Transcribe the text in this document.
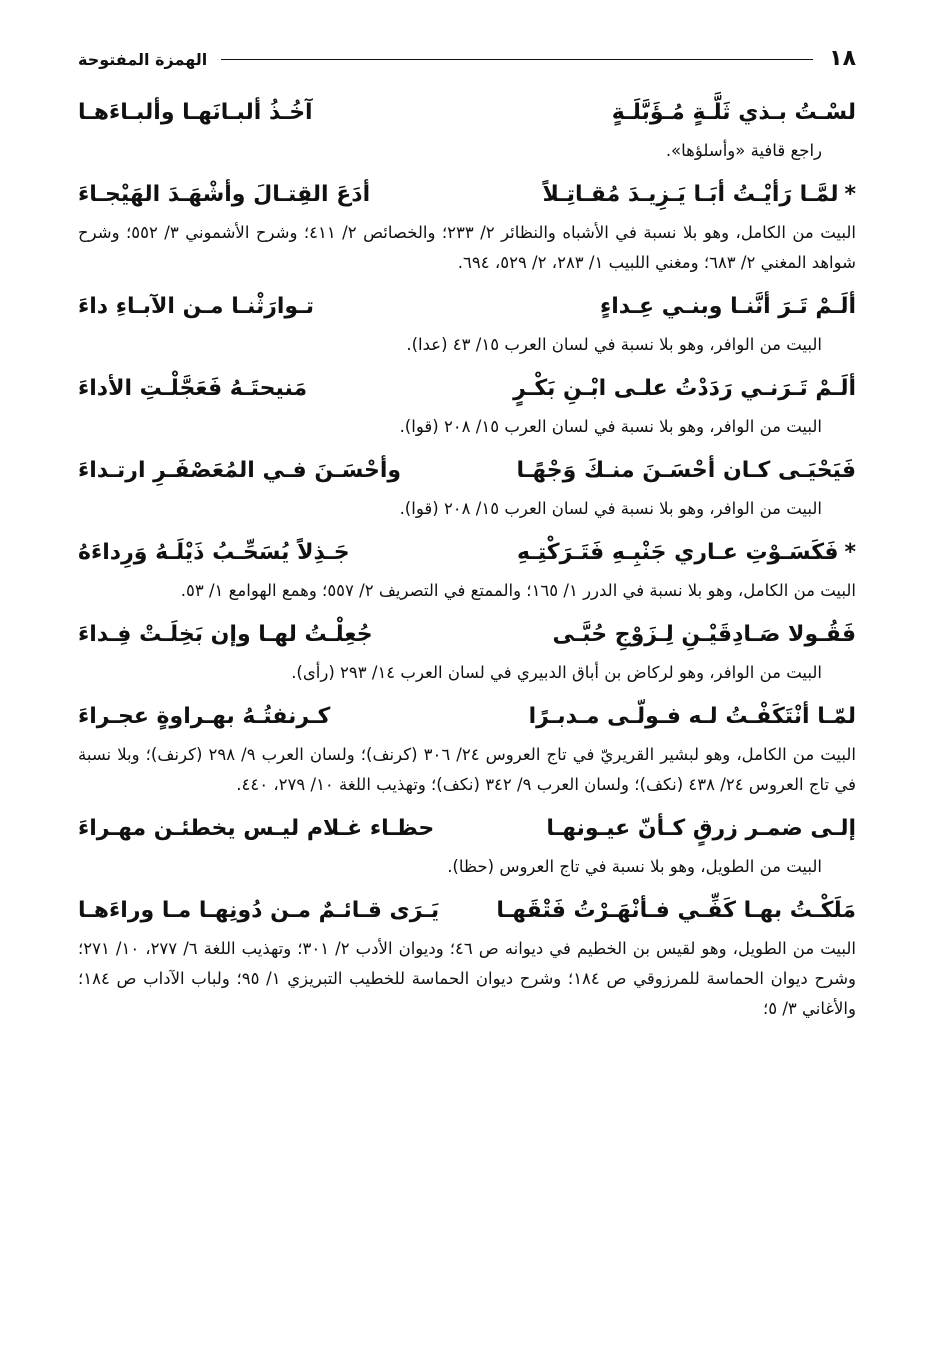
١٨
الهمزة المفتوحة
لسْـتُ بـذي ثَلَّـةٍ مُـؤَبَّلَـةٍ
آخُـذُ ألبـانَهـا وألبـاءَهـا
راجع قافية «وأسلؤها».
*لمَّـا رَأيْـتُ أبَـا يَـزِيـدَ مُقـاتِـلاً
أدَعَ القِتـالَ وأشْهَـدَ الهَيْجـاءَ
البيت من الكامل، وهو بلا نسبة في الأشباه والنظائر ٢/ ٢٣٣؛ والخصائص ٢/ ٤١١؛ وشرح الأشموني ٣/ ٥٥٢؛ وشرح شواهد المغني ٢/ ٦٨٣؛ ومغني اللبيب ١/ ٢٨٣، ٢/ ٥٢٩، ٦٩٤.
ألَـمْ تَـرَ أنَّنـا وبنـي عِـداءٍ
تـوارَثْنـا مـن الآبـاءِ داءَ
البيت من الوافر، وهو بلا نسبة في لسان العرب ١٥/ ٤٣ (عدا).
ألَـمْ تَـرَنـي رَدَدْتُ علـى ابْـنِ بَكْـرٍ
مَنيحتَـهُ فَعَجَّلْـتِ الأداءَ
البيت من الوافر، وهو بلا نسبة في لسان العرب ١٥/ ٢٠٨ (قوا).
فَيَحْيَـى كـان أحْسَـنَ منـكَ وَجْهًـا
وأحْسَـنَ فـي المُعَصْفَـرِ ارتـداءَ
البيت من الوافر، وهو بلا نسبة في لسان العرب ١٥/ ٢٠٨ (قوا).
*فَكَسَـوْتِ عـاري جَنْبِـهِ فَتَـرَكْتِـهِ
جَـذِلاً يُسَحِّـبُ ذَيْلَـهُ وَرِداءَهُ
البيت من الكامل، وهو بلا نسبة في الدرر ١/ ١٦٥؛ والممتع في التصريف ٢/ ٥٥٧؛ وهمع الهوامع ١/ ٥٣.
فَقُـولا صَـادِقَيْـنِ لِـزَوْجِ حُبَّـى
جُعِلْـتُ لهـا وإن بَخِلَـتْ فِـداءَ
البيت من الوافر، وهو لركاض بن أباق الدبيري في لسان العرب ١٤/ ٢٩٣ (رأى).
لمّـا أنْتَكَفْـتُ لـه فـولّـى مـدبـرًا
كـرنفتُـهُ بهـراوةٍ عجـراءَ
البيت من الكامل، وهو لبشير القريريّ في تاج العروس ٢٤/ ٣٠٦ (كرنف)؛ ولسان العرب ٩/ ٢٩٨ (كرنف)؛ وبلا نسبة في تاج العروس ٢٤/ ٤٣٨ (نكف)؛ ولسان العرب ٩/ ٣٤٢ (نكف)؛ وتهذيب اللغة ١٠/ ٢٧٩، ٤٤٠.
إلـى ضمـر زرقٍ كـأنّ عيـونهـا
حظـاء غـلام ليـس يخطئـن مهـراءَ
البيت من الطويل، وهو بلا نسبة في تاج العروس (حظا).
مَلَكْـتُ بهـا كَفِّـي فـأنْهَـرْتُ فَتْقَهـا
يَـرَى قـائـمٌ مـن دُونِهـا مـا وراءَهـا
البيت من الطويل، وهو لقيس بن الخطيم في ديوانه ص ٤٦؛ وديوان الأدب ٢/ ٣٠١؛ وتهذيب اللغة ٦/ ٢٧٧، ١٠/ ٢٧١؛ وشرح ديوان الحماسة للمرزوقي ص ١٨٤؛ وشرح ديوان الحماسة للخطيب التبريزي ١/ ٩٥؛ ولباب الآداب ص ١٨٤؛ والأغاني ٣/ ٥؛
